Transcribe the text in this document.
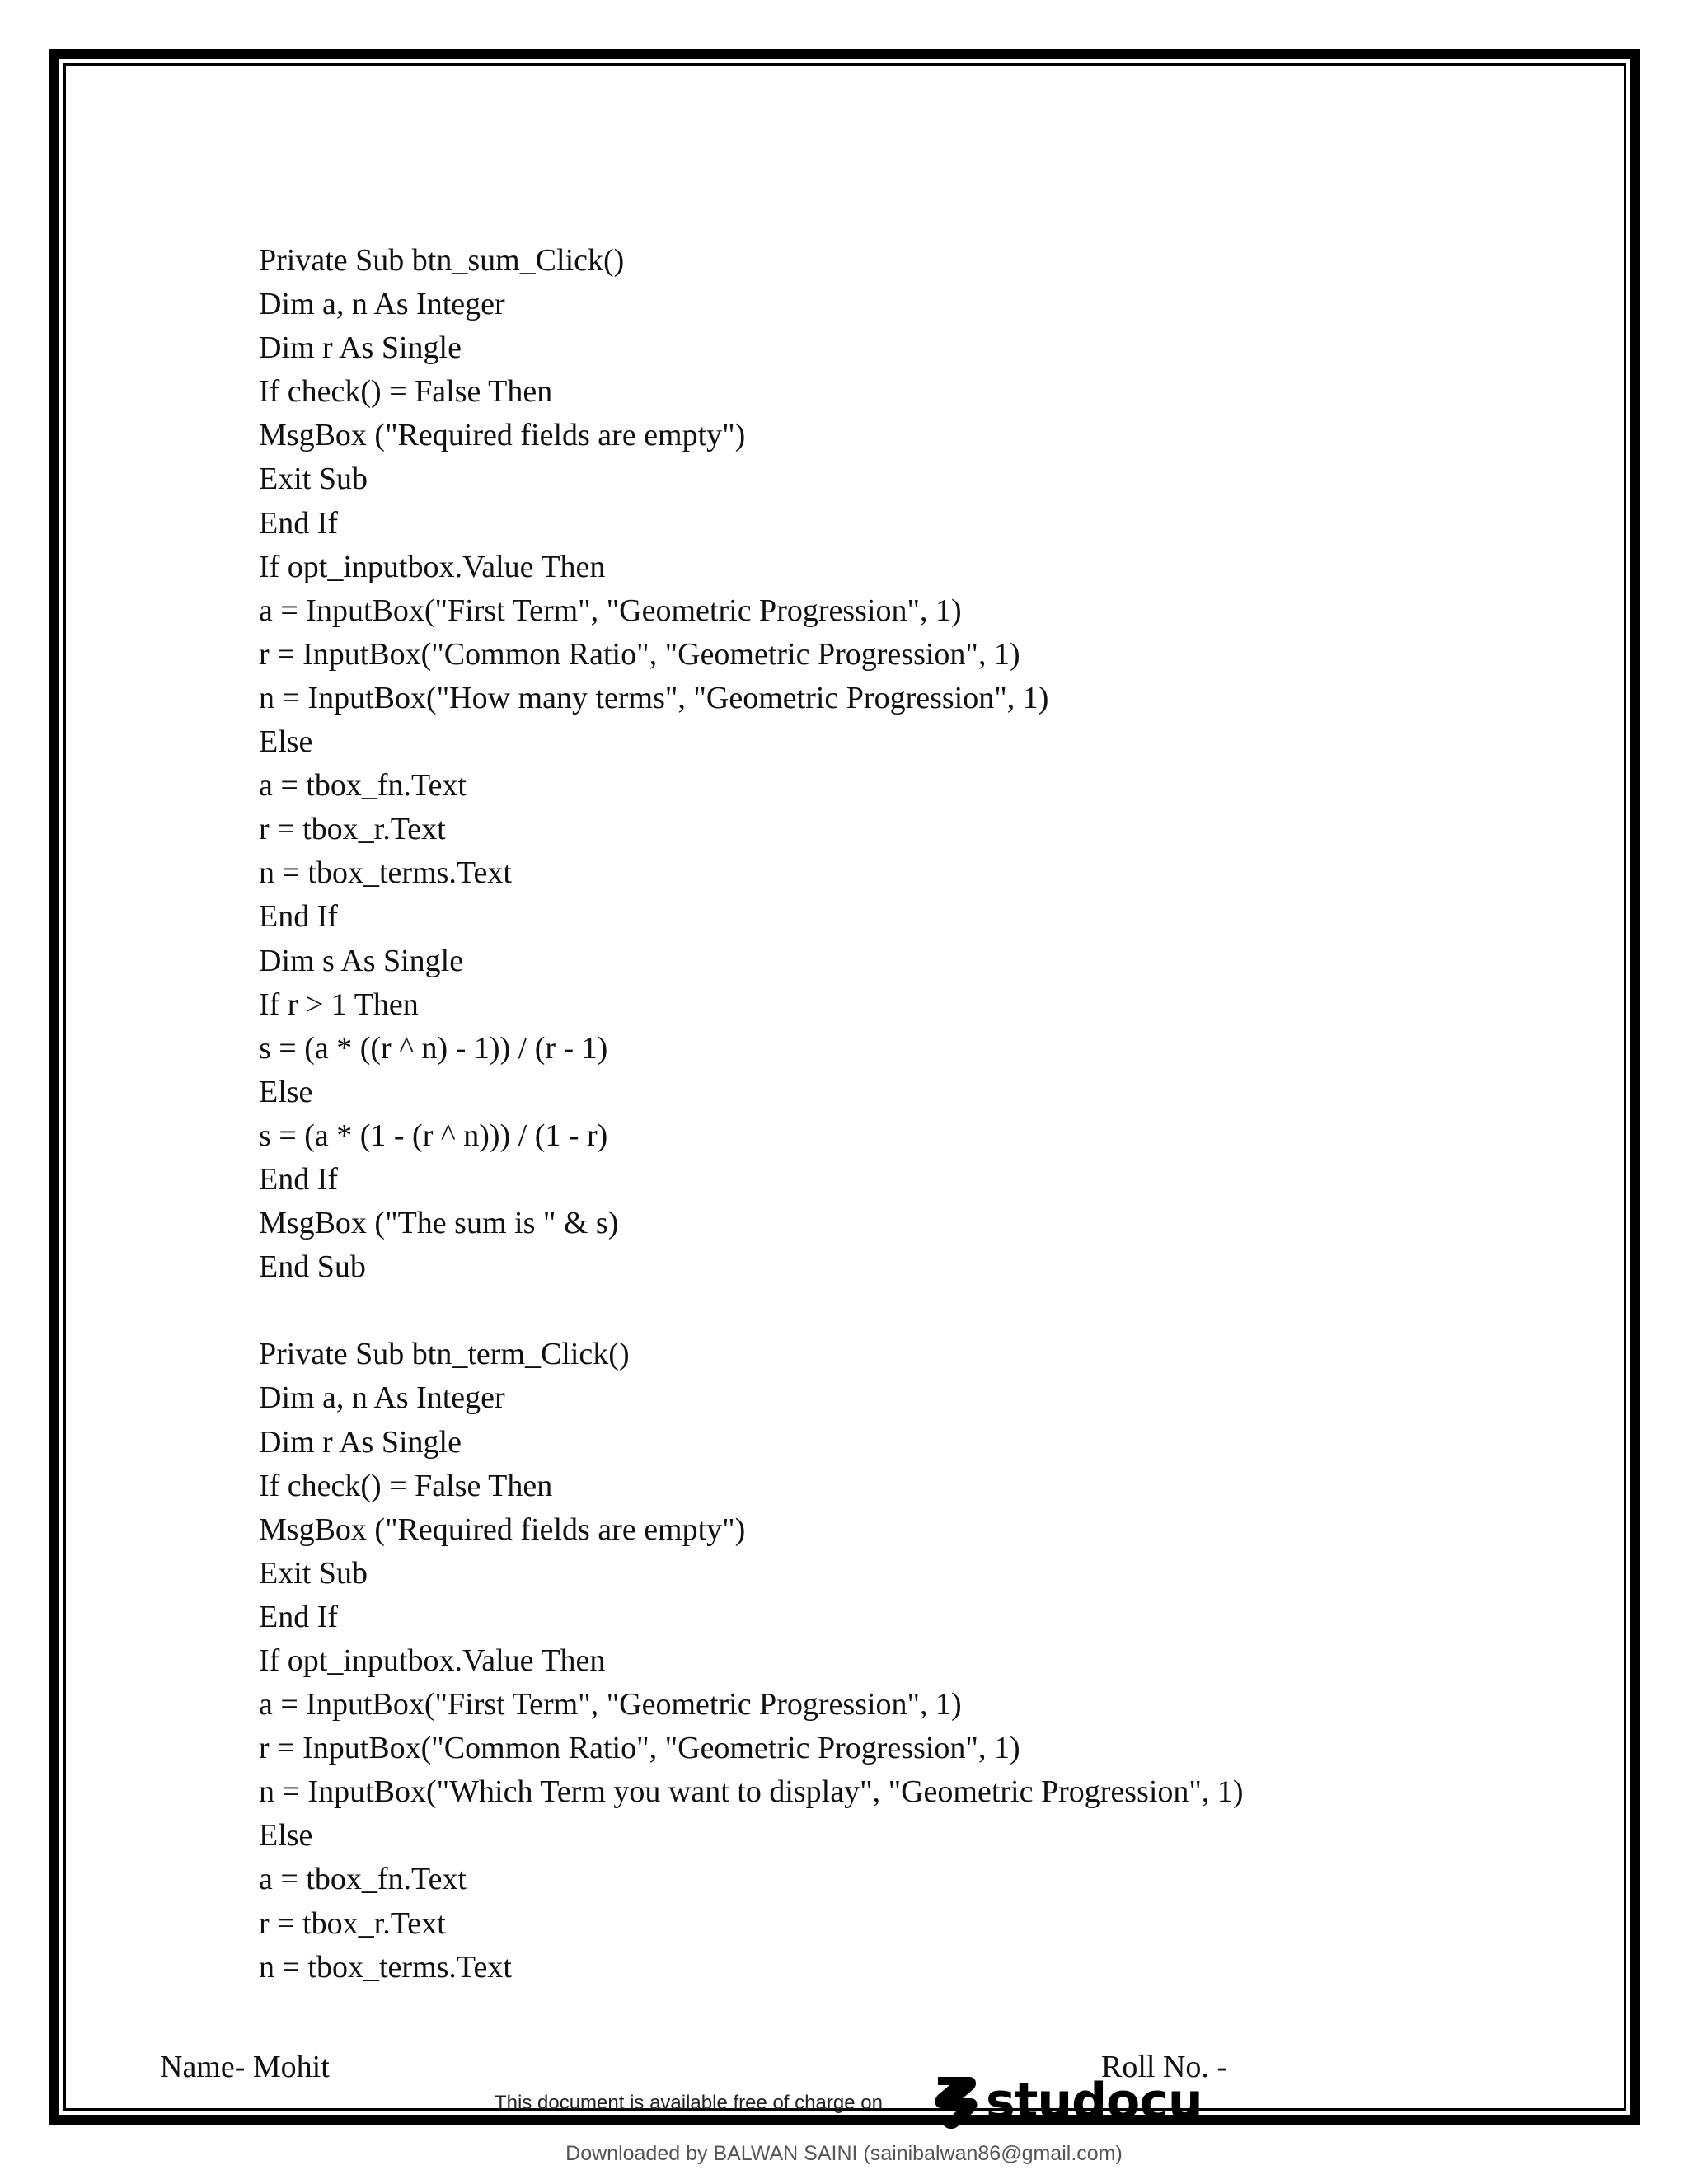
Private Sub btn_sum_Click()
Dim a, n As Integer
Dim r As Single
If check() = False Then
MsgBox ("Required fields are empty")
Exit Sub
End If
If opt_inputbox.Value Then
a = InputBox("First Term", "Geometric Progression", 1)
r = InputBox("Common Ratio", "Geometric Progression", 1)
n = InputBox("How many terms", "Geometric Progression", 1)
Else
a = tbox_fn.Text
r = tbox_r.Text
n = tbox_terms.Text
End If
Dim s As Single
If r > 1 Then
s = (a * ((r ^ n) - 1)) / (r - 1)
Else
s = (a * (1 - (r ^ n))) / (1 - r)
End If
MsgBox ("The sum is " & s)
End Sub
Private Sub btn_term_Click()
Dim a, n As Integer
Dim r As Single
If check() = False Then
MsgBox ("Required fields are empty")
Exit Sub
End If
If opt_inputbox.Value Then
a = InputBox("First Term", "Geometric Progression", 1)
r = InputBox("Common Ratio", "Geometric Progression", 1)
n = InputBox("Which Term you want to display", "Geometric Progression", 1)
Else
a = tbox_fn.Text
r = tbox_r.Text
n = tbox_terms.Text
Name- Mohit	Roll No. -
This document is available free of charge on studocu
Downloaded by BALWAN SAINI (sainibalwan86@gmail.com)
